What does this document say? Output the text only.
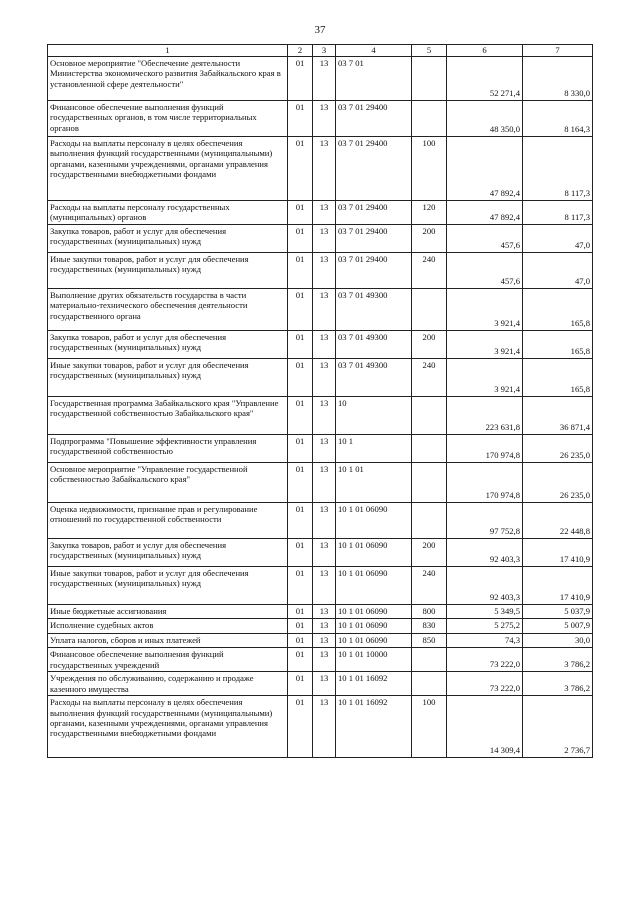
37
1	2	3	4	5	6	7
Основное мероприятие "Обеспечение деятельности Министерства экономического развития Забайкальского края в установленной сфере деятельности"	01	13	03 7 01		52 271,4	8 330,0
Финансовое обеспечение выполнения функций государственных органов, в том числе территориальных органов	01	13	03 7 01 29400		48 350,0	8 164,3
Расходы на выплаты персоналу в целях обеспечения выполнения функций государственными (муниципальными) органами, казенными учреждениями, органами управления государственными внебюджетными фондами	01	13	03 7 01 29400	100	47 892,4	8 117,3
Расходы на выплаты персоналу государственных (муниципальных) органов	01	13	03 7 01 29400	120	47 892,4	8 117,3
Закупка товаров, работ и услуг для обеспечения государственных (муниципальных) нужд	01	13	03 7 01 29400	200	457,6	47,0
Иные закупки товаров, работ и услуг для обеспечения государственных (муниципальных) нужд	01	13	03 7 01 29400	240	457,6	47,0
Выполнение других обязательств государства в части материально-технического обеспечения деятельности государственного органа	01	13	03 7 01 49300		3 921,4	165,8
Закупка товаров, работ и услуг для обеспечения государственных (муниципальных) нужд	01	13	03 7 01 49300	200	3 921,4	165,8
Иные закупки товаров, работ и услуг для обеспечения государственных (муниципальных) нужд	01	13	03 7 01 49300	240	3 921,4	165,8
Государственная программа Забайкальского края "Управление государственной собственностью Забайкальского края"	01	13	10		223 631,8	36 871,4
Подпрограмма "Повышение эффективности управления государственной собственностью	01	13	10 1		170 974,8	26 235,0
Основное мероприятие "Управление государственной собственностью Забайкальского края"	01	13	10 1 01		170 974,8	26 235,0
Оценка недвижимости, признание прав и регулирование отношений по государственной собственности	01	13	10 1 01 06090		97 752,8	22 448,8
Закупка товаров, работ и услуг для обеспечения государственных (муниципальных) нужд	01	13	10 1 01 06090	200	92 403,3	17 410,9
Иные закупки товаров, работ и услуг для обеспечения государственных (муниципальных) нужд	01	13	10 1 01 06090	240	92 403,3	17 410,9
Иные бюджетные ассигнования	01	13	10 1 01 06090	800	5 349,5	5 037,9
Исполнение судебных актов	01	13	10 1 01 06090	830	5 275,2	5 007,9
Уплата налогов, сборов и иных платежей	01	13	10 1 01 06090	850	74,3	30,0
Финансовое обеспечение выполнения функций государственных учреждений	01	13	10 1 01 10000		73 222,0	3 786,2
Учреждения по обслуживанию, содержанию и продаже казенного имущества	01	13	10 1 01 16092		73 222,0	3 786,2
Расходы на выплаты персоналу в целях обеспечения выполнения функций государственными (муниципальными) органами, казенными учреждениями, органами управления государственными внебюджетными фондами	01	13	10 1 01 16092	100	14 309,4	2 736,7
